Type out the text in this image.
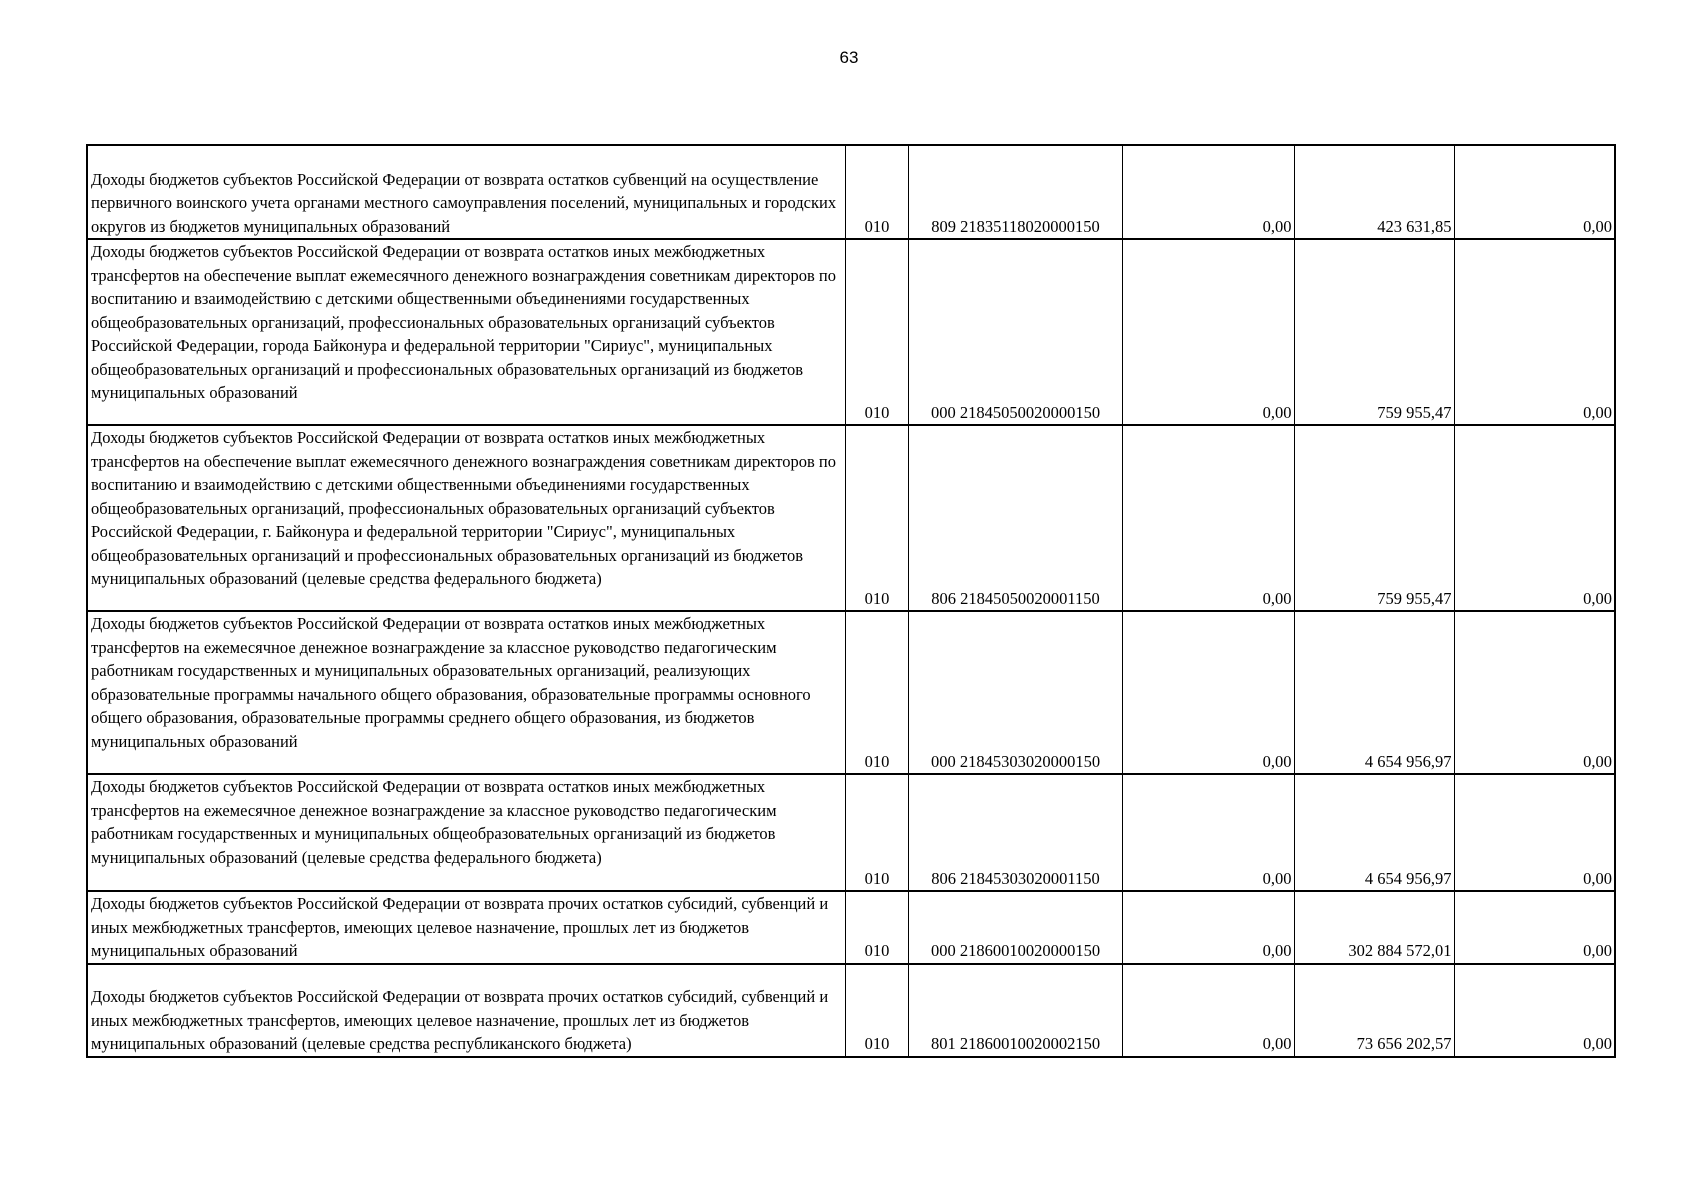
63
Доходы бюджетов субъектов Российской Федерации от возврата остатков субвенций на осуществление первичного воинского учета органами местного самоуправления поселений, муниципальных и городских округов из бюджетов муниципальных образований	010	809 21835118020000150	0,00	423 631,85	0,00
Доходы бюджетов субъектов Российской Федерации от возврата остатков иных межбюджетных трансфертов на обеспечение выплат ежемесячного денежного вознаграждения советникам директоров по воспитанию и взаимодействию с детскими общественными объединениями государственных общеобразовательных организаций, профессиональных образовательных организаций субъектов Российской Федерации, города Байконура и федеральной территории "Сириус", муниципальных общеобразовательных организаций и профессиональных образовательных организаций из бюджетов муниципальных образований	010	000 21845050020000150	0,00	759 955,47	0,00
Доходы бюджетов субъектов Российской Федерации от возврата остатков иных межбюджетных трансфертов на обеспечение выплат ежемесячного денежного вознаграждения советникам директоров по воспитанию и взаимодействию с детскими общественными объединениями государственных общеобразовательных организаций, профессиональных образовательных организаций субъектов Российской Федерации, г. Байконура и федеральной территории "Сириус", муниципальных общеобразовательных организаций и профессиональных образовательных организаций из бюджетов муниципальных образований (целевые средства федерального бюджета)	010	806 21845050020001150	0,00	759 955,47	0,00
Доходы бюджетов субъектов Российской Федерации от возврата остатков иных межбюджетных трансфертов на ежемесячное денежное вознаграждение за классное руководство педагогическим работникам государственных и муниципальных образовательных организаций, реализующих образовательные программы начального общего образования, образовательные программы основного общего образования, образовательные программы среднего общего образования, из бюджетов муниципальных образований	010	000 21845303020000150	0,00	4 654 956,97	0,00
Доходы бюджетов субъектов Российской Федерации от возврата остатков иных межбюджетных трансфертов на ежемесячное денежное вознаграждение за классное руководство педагогическим работникам государственных и муниципальных общеобразовательных организаций из бюджетов муниципальных образований (целевые средства федерального бюджета)	010	806 21845303020001150	0,00	4 654 956,97	0,00
Доходы бюджетов субъектов Российской Федерации от возврата прочих остатков субсидий, субвенций и иных межбюджетных трансфертов, имеющих целевое назначение, прошлых лет из бюджетов муниципальных образований	010	000 21860010020000150	0,00	302 884 572,01	0,00
Доходы бюджетов субъектов Российской Федерации от возврата прочих остатков субсидий, субвенций и иных межбюджетных трансфертов, имеющих целевое назначение, прошлых лет из бюджетов муниципальных образований (целевые средства республиканского бюджета)	010	801 21860010020002150	0,00	73 656 202,57	0,00
